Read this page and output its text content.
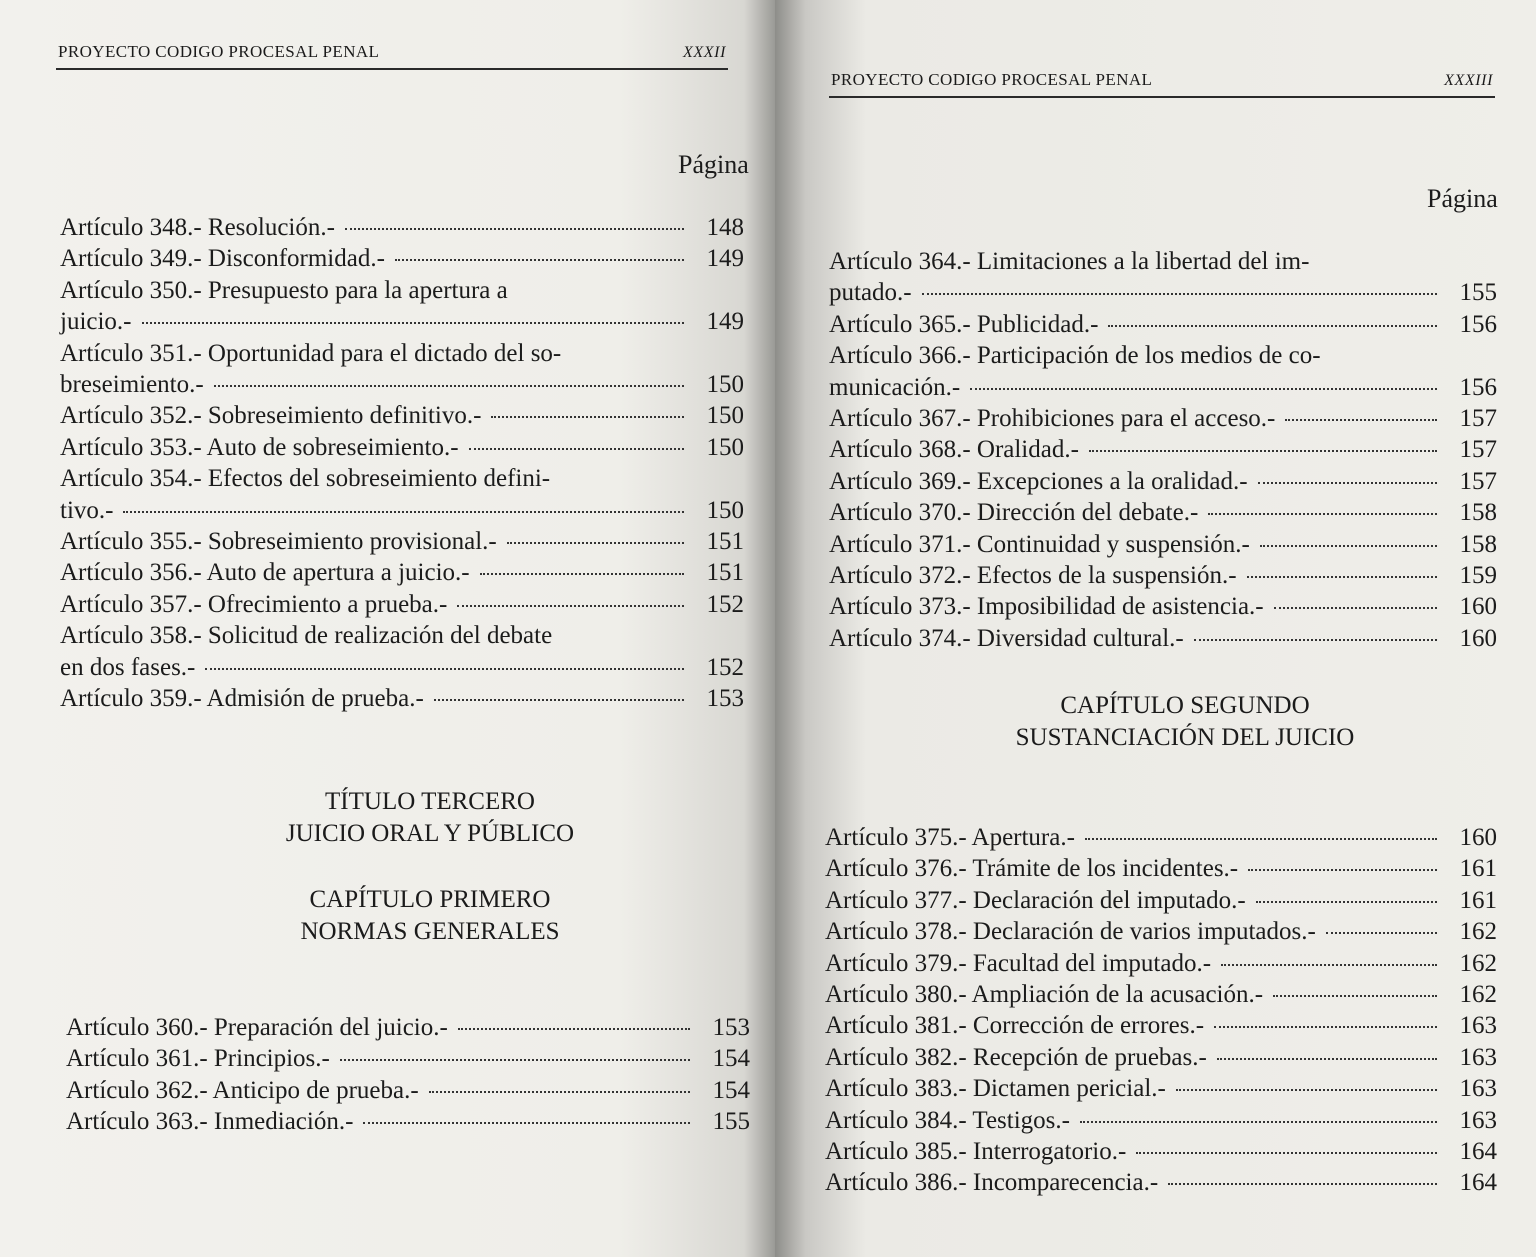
PROYECTO CODIGO PROCESAL PENAL	XXXII
Página
Artículo 348.- Resolución.-	148
Artículo 349.- Disconformidad.-	149
Artículo 350.- Presupuesto para la apertura a
juicio.-	149
Artículo 351.- Oportunidad para el dictado del so-
breseimiento.-	150
Artículo 352.- Sobreseimiento definitivo.-	150
Artículo 353.- Auto de sobreseimiento.-	150
Artículo 354.- Efectos del sobreseimiento defini-
tivo.-	150
Artículo 355.- Sobreseimiento provisional.-	151
Artículo 356.- Auto de apertura a juicio.-	151
Artículo 357.- Ofrecimiento a prueba.-	152
Artículo 358.- Solicitud de realización del debate
en dos fases.-	152
Artículo 359.- Admisión de prueba.-	153
TÍTULO TERCERO
JUICIO ORAL Y PÚBLICO
CAPÍTULO PRIMERO
NORMAS GENERALES
Artículo 360.- Preparación del juicio.-	153
Artículo 361.- Principios.-	154
Artículo 362.- Anticipo de prueba.-	154
Artículo 363.- Inmediación.-	155
PROYECTO CODIGO PROCESAL PENAL	XXXIII
Página
Artículo 364.- Limitaciones a la libertad del im-
putado.-	155
Artículo 365.- Publicidad.-	156
Artículo 366.- Participación de los medios de co-
municación.-	156
Artículo 367.- Prohibiciones para el acceso.-	157
Artículo 368.- Oralidad.-	157
Artículo 369.- Excepciones a la oralidad.-	157
Artículo 370.- Dirección del debate.-	158
Artículo 371.- Continuidad y suspensión.-	158
Artículo 372.- Efectos de la suspensión.-	159
Artículo 373.- Imposibilidad de asistencia.-	160
Artículo 374.- Diversidad cultural.-	160
CAPÍTULO SEGUNDO
SUSTANCIACIÓN DEL JUICIO
Artículo 375.- Apertura.-	160
Artículo 376.- Trámite de los incidentes.-	161
Artículo 377.- Declaración del imputado.-	161
Artículo 378.- Declaración de varios imputados.-	162
Artículo 379.- Facultad del imputado.-	162
Artículo 380.- Ampliación de la acusación.-	162
Artículo 381.- Corrección de errores.-	163
Artículo 382.- Recepción de pruebas.-	163
Artículo 383.- Dictamen pericial.-	163
Artículo 384.- Testigos.-	163
Artículo 385.- Interrogatorio.-	164
Artículo 386.- Incomparecencia.-	164
